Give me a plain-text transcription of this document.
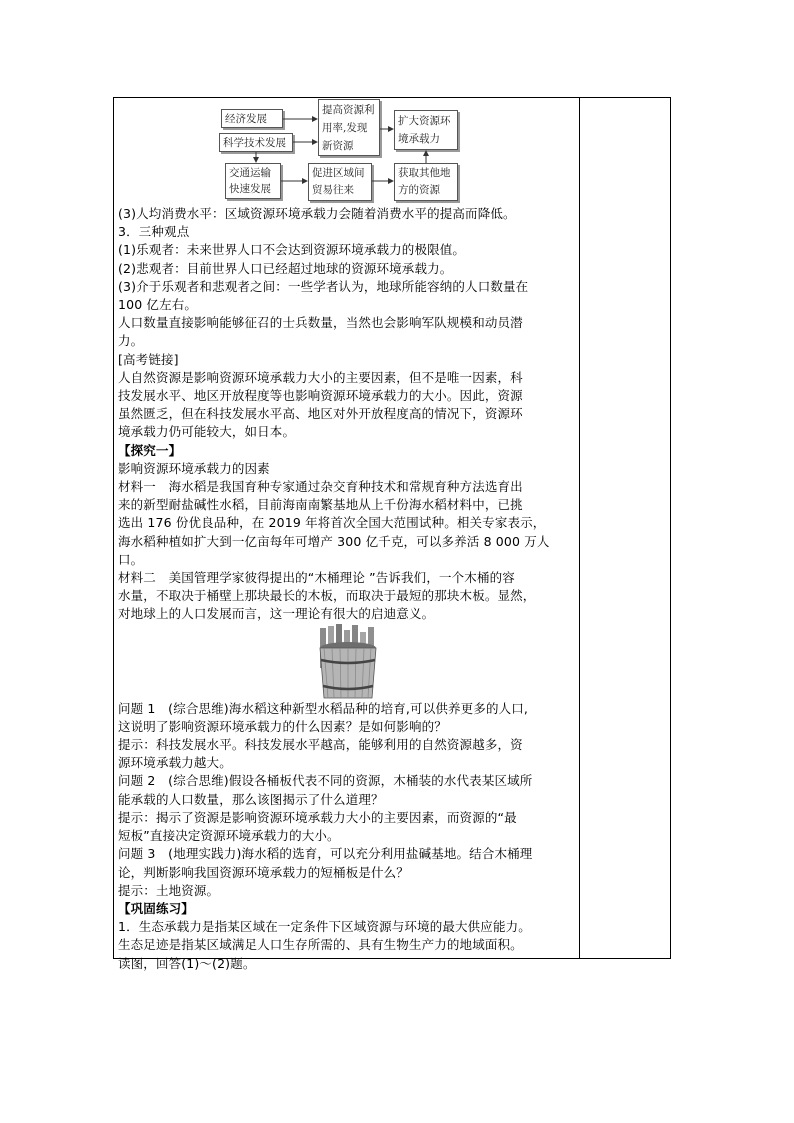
经济发展
科学技术发展
提高资源利
用率,发现
新资源
扩大资源环
境承载力
交通运输
快速发展
促进区域间
贸易往来
获取其他地
方的资源

(3)人均消费水平：区域资源环境承载力会随着消费水平的提高而降低。

3．三种观点

(1)乐观者：未来世界人口不会达到资源环境承载力的极限值。

(2)悲观者：目前世界人口已经超过地球的资源环境承载力。

(3)介于乐观者和悲观者之间：一些学者认为，地球所能容纳的人口数量在

100 亿左右。

人口数量直接影响能够征召的士兵数量，当然也会影响军队规模和动员潜

力。

[高考链接]

人自然资源是影响资源环境承载力大小的主要因素，但不是唯一因素，科

技发展水平、地区开放程度等也影响资源环境承载力的大小。因此，资源

虽然匮乏，但在科技发展水平高、地区对外开放程度高的情况下，资源环

境承载力仍可能较大，如日本。

【探究一】

影响资源环境承载力的因素

材料一　海水稻是我国育种专家通过杂交育种技术和常规育种方法选育出

来的新型耐盐碱性水稻，目前海南南繁基地从上千份海水稻材料中，已挑

选出 176 份优良品种，在 2019 年将首次全国大范围试种。相关专家表示，

海水稻种植如扩大到一亿亩每年可增产 300 亿千克，可以多养活 8 000 万人

口。

材料二　美国管理学家彼得提出的“木桶理论 ”告诉我们，一个木桶的容

水量，不取决于桶壁上那块最长的木板，而取决于最短的那块木板。显然，

对地球上的人口发展而言，这一理论有很大的启迪意义。

问题 1　(综合思维)海水稻这种新型水稻品种的培育,可以供养更多的人口,

这说明了影响资源环境承载力的什么因素？是如何影响的？

提示：科技发展水平。科技发展水平越高，能够利用的自然资源越多，资

源环境承载力越大。

问题 2　(综合思维)假设各桶板代表不同的资源，木桶装的水代表某区域所

能承载的人口数量，那么该图揭示了什么道理？

提示：揭示了资源是影响资源环境承载力大小的主要因素，而资源的“最

短板”直接决定资源环境承载力的大小。

问题 3　(地理实践力)海水稻的选育，可以充分利用盐碱基地。结合木桶理

论，判断影响我国资源环境承载力的短桶板是什么？

提示：土地资源。

【巩固练习】

1．生态承载力是指某区域在一定条件下区域资源与环境的最大供应能力。

生态足迹是指某区域满足人口生存所需的、具有生物生产力的地域面积。

读图，回答(1)～(2)题。
